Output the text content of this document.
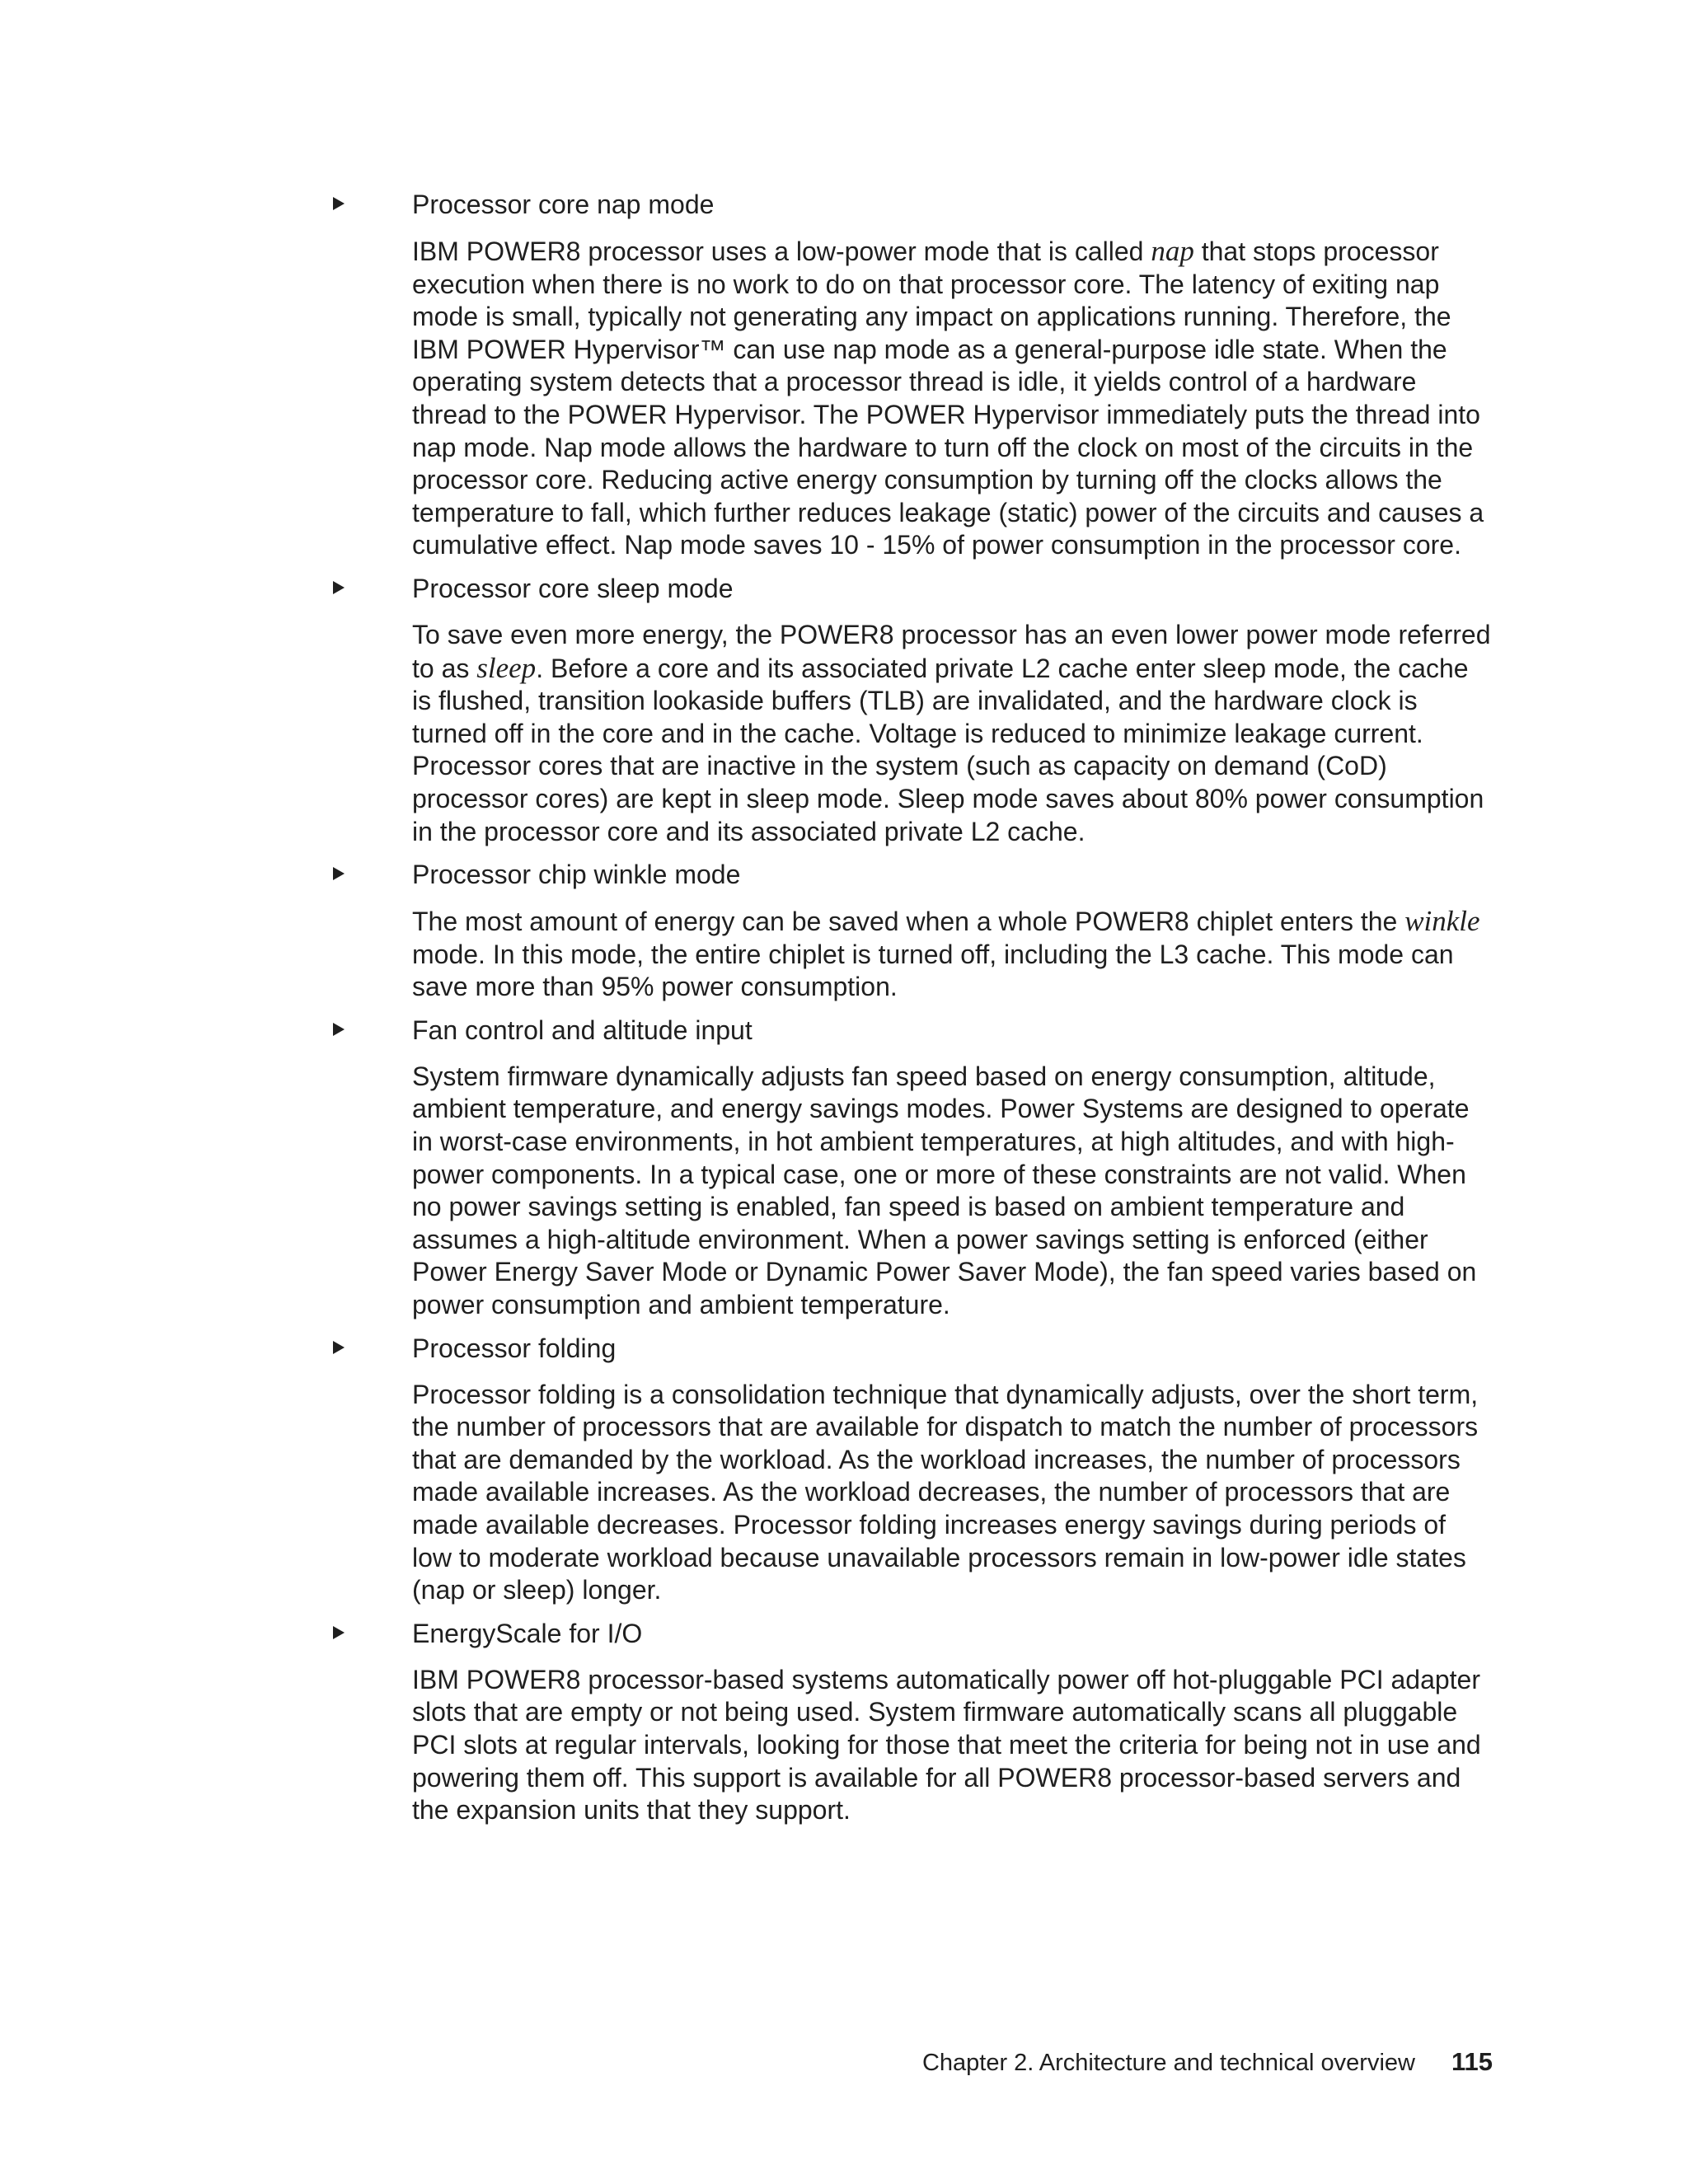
Processor core nap mode

IBM POWER8 processor uses a low-power mode that is called nap that stops processor execution when there is no work to do on that processor core. The latency of exiting nap mode is small, typically not generating any impact on applications running. Therefore, the IBM POWER Hypervisor™ can use nap mode as a general-purpose idle state. When the operating system detects that a processor thread is idle, it yields control of a hardware thread to the POWER Hypervisor. The POWER Hypervisor immediately puts the thread into nap mode. Nap mode allows the hardware to turn off the clock on most of the circuits in the processor core. Reducing active energy consumption by turning off the clocks allows the temperature to fall, which further reduces leakage (static) power of the circuits and causes a cumulative effect. Nap mode saves 10 - 15% of power consumption in the processor core.

Processor core sleep mode

To save even more energy, the POWER8 processor has an even lower power mode referred to as sleep. Before a core and its associated private L2 cache enter sleep mode, the cache is flushed, transition lookaside buffers (TLB) are invalidated, and the hardware clock is turned off in the core and in the cache. Voltage is reduced to minimize leakage current. Processor cores that are inactive in the system (such as capacity on demand (CoD) processor cores) are kept in sleep mode. Sleep mode saves about 80% power consumption in the processor core and its associated private L2 cache.

Processor chip winkle mode

The most amount of energy can be saved when a whole POWER8 chiplet enters the winkle mode. In this mode, the entire chiplet is turned off, including the L3 cache. This mode can save more than 95% power consumption.

Fan control and altitude input

System firmware dynamically adjusts fan speed based on energy consumption, altitude, ambient temperature, and energy savings modes. Power Systems are designed to operate in worst-case environments, in hot ambient temperatures, at high altitudes, and with high-power components. In a typical case, one or more of these constraints are not valid. When no power savings setting is enabled, fan speed is based on ambient temperature and assumes a high-altitude environment. When a power savings setting is enforced (either Power Energy Saver Mode or Dynamic Power Saver Mode), the fan speed varies based on power consumption and ambient temperature.

Processor folding

Processor folding is a consolidation technique that dynamically adjusts, over the short term, the number of processors that are available for dispatch to match the number of processors that are demanded by the workload. As the workload increases, the number of processors made available increases. As the workload decreases, the number of processors that are made available decreases. Processor folding increases energy savings during periods of low to moderate workload because unavailable processors remain in low-power idle states (nap or sleep) longer.

EnergyScale for I/O

IBM POWER8 processor-based systems automatically power off hot-pluggable PCI adapter slots that are empty or not being used. System firmware automatically scans all pluggable PCI slots at regular intervals, looking for those that meet the criteria for being not in use and powering them off. This support is available for all POWER8 processor-based servers and the expansion units that they support.

Chapter 2. Architecture and technical overview 115
